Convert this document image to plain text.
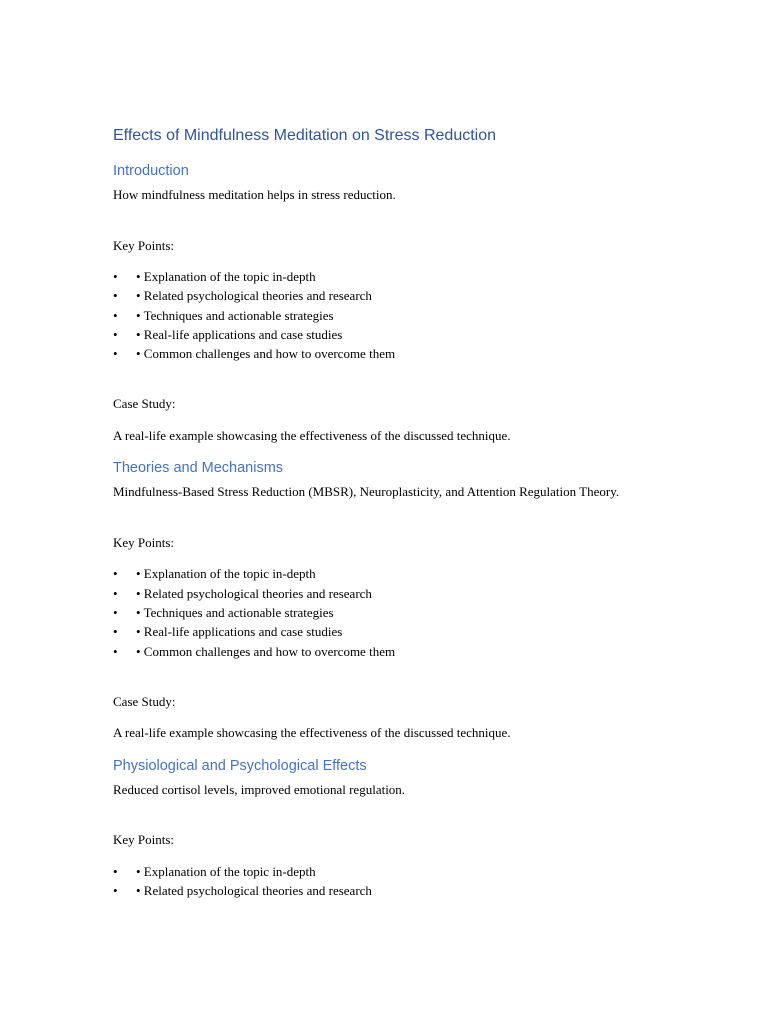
Effects of Mindfulness Meditation on Stress Reduction
Introduction

How mindfulness meditation helps in stress reduction.

Key Points:

• • Explanation of the topic in-depth
• • Related psychological theories and research
• • Techniques and actionable strategies
• • Real-life applications and case studies
• • Common challenges and how to overcome them

Case Study:

A real-life example showcasing the effectiveness of the discussed technique.

Theories and Mechanisms

Mindfulness-Based Stress Reduction (MBSR), Neuroplasticity, and Attention Regulation Theory.

Key Points:

• • Explanation of the topic in-depth
• • Related psychological theories and research
• • Techniques and actionable strategies
• • Real-life applications and case studies
• • Common challenges and how to overcome them

Case Study:

A real-life example showcasing the effectiveness of the discussed technique.

Physiological and Psychological Effects

Reduced cortisol levels, improved emotional regulation.

Key Points:

• • Explanation of the topic in-depth
• • Related psychological theories and research
